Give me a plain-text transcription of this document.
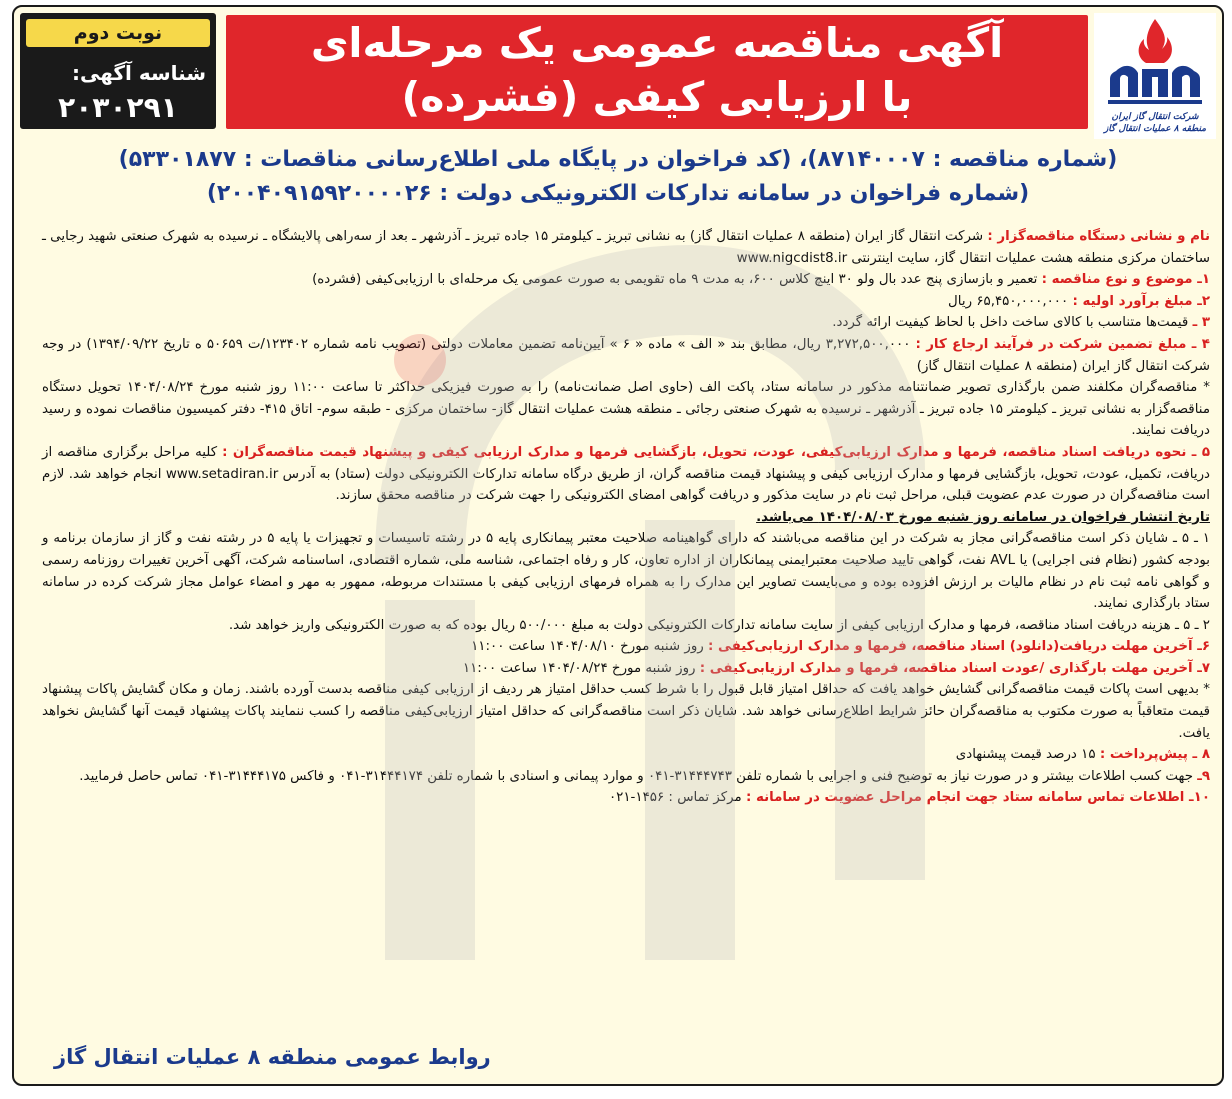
نوبت دوم
شناسه آگهی:
۲۰۳۰۲۹۱
آگهی مناقصه عمومی یک مرحله‌ای
با ارزیابی کیفی (فشرده)	شرکت انتقال گاز ایران
منطقه ۸ عملیات انتقال گاز
(شماره مناقصه : ۸۷۱۴۰۰۰۷)، (کد فراخوان در پایگاه ملی اطلاع‌رسانی مناقصات : ۵۳۳۰۱۸۷۷)
(شماره فراخوان در سامانه تدارکات الکترونیکی دولت : ۲۰۰۴۰۹۱۵۹۲۰۰۰۰۲۶)

نام و نشانی دستگاه مناقصه‌گزار : شرکت انتقال گاز ایران (منطقه ۸ عملیات انتقال گاز) به نشانی تبریز ـ کیلومتر ۱۵ جاده تبریز ـ آذرشهر ـ بعد از سه‌راهی پالایشگاه ـ نرسیده به شهرک صنعتی شهید رجایی ـ ساختمان مرکزی منطقه هشت عملیات انتقال گاز، سایت اینترنتی www.nigcdist8.ir

۱ـ موضوع و نوع مناقصه : تعمیر و بازسازی پنج عدد بال ولو ۳۰ اینچ کلاس ۶۰۰، به مدت ۹ ماه تقویمی به صورت عمومی یک مرحله‌ای با ارزیابی‌کیفی (فشرده)

۲ـ مبلغ برآورد اولیه : ۶۵,۴۵۰,۰۰۰,۰۰۰ ریال

۳ ـ قیمت‌ها متناسب با کالای ساخت داخل با لحاظ کیفیت ارائه گردد.

۴ ـ مبلغ تضمین شرکت در فرآیند ارجاع کار : ۳,۲۷۲,۵۰۰,۰۰۰ ریال، مطابق بند « الف » ماده « ۶ » آیین‌نامه تضمین معاملات دولتی (تصویب نامه شماره ۱۲۳۴۰۲/ت ۵۰۶۵۹ ه تاریخ ۱۳۹۴/۰۹/۲۲) در وجه شرکت انتقال گاز ایران (منطقه ۸ عملیات انتقال گاز)

* مناقصه‌گران مکلفند ضمن بارگذاری تصویر ضمانتنامه مذکور در سامانه ستاد، پاکت الف (حاوی اصل ضمانت‌نامه) را به صورت فیزیکی حداکثر تا ساعت ۱۱:۰۰ روز شنبه مورخ ۱۴۰۴/۰۸/۲۴ تحویل دستگاه مناقصه‌گزار به نشانی تبریز ـ کیلومتر ۱۵ جاده تبریز ـ آذرشهر ـ نرسیده به شهرک صنعتی رجائی ـ منطقه هشت عملیات انتقال گاز- ساختمان مرکزی - طبقه سوم- اتاق ۴۱۵- دفتر کمیسیون مناقصات نموده و رسید دریافت نمایند.

۵ ـ نحوه دریافت اسناد مناقصه، فرمها و مدارک ارزیابی‌کیفی، عودت، تحویل، بازگشایی فرمها و مدارک ارزیابی کیفی و پیشنهاد قیمت مناقصه‌گران : کلیه مراحل برگزاری مناقصه از دریافت، تکمیل، عودت، تحویل، بازگشایی فرمها و مدارک ارزیابی کیفی و پیشنهاد قیمت مناقصه گران، از طریق درگاه سامانه تدارکات الکترونیکی دولت (ستاد) به آدرس www.setadiran.ir انجام خواهد شد. لازم است مناقصه‌گران در صورت عدم عضویت قبلی، مراحل ثبت نام در سایت مذکور و دریافت گواهی امضای الکترونیکی را جهت شرکت در مناقصه محقق سازند.

تاریخ انتشار فراخوان در سامانه روز شنبه مورخ ۱۴۰۴/۰۸/۰۳ می‌باشد.

۱ ـ ۵ ـ شایان ذکر است مناقصه‌گرانی مجاز به شرکت در این مناقصه می‌باشند که دارای گواهینامه صلاحیت معتبر پیمانکاری پایه ۵ در رشته تاسیسات و تجهیزات یا پایه ۵ در رشته نفت و گاز از سازمان برنامه و بودجه کشور (نظام فنی اجرایی) یا AVL نفت، گواهی تایید صلاحیت معتبرایمنی پیمانکاران از اداره تعاون، کار و رفاه اجتماعی، شناسه ملی، شماره اقتصادی، اساسنامه شرکت، آگهی آخرین تغییرات روزنامه رسمی و گواهی نامه ثبت نام در نظام مالیات بر ارزش افزوده بوده و می‌بایست تصاویر این مدارک را به همراه فرمهای ارزیابی کیفی با مستندات مربوطه، ممهور به مهر و امضاء عوامل مجاز شرکت کرده در سامانه ستاد بارگذاری نمایند.

۲ ـ ۵ ـ هزینه دریافت اسناد مناقصه، فرمها و مدارک ارزیابی کیفی از سایت سامانه تدارکات الکترونیکی دولت به مبلغ ۵۰۰/۰۰۰ ریال بوده که به صورت الکترونیکی واریز خواهد شد.

۶ـ آخرین مهلت دریافت(دانلود) اسناد مناقصه، فرمها و مدارک ارزیابی‌کیفی : روز شنبه مورخ ۱۴۰۴/۰۸/۱۰ ساعت ۱۱:۰۰

۷ـ آخرین مهلت بارگذاری /عودت اسناد مناقصه، فرمها و مدارک ارزیابی‌کیفی : روز شنبه مورخ ۱۴۰۴/۰۸/۲۴ ساعت ۱۱:۰۰

* بدیهی است پاکات قیمت مناقصه‌گرانی گشایش خواهد یافت که حداقل امتیاز قابل قبول را با شرط کسب حداقل امتیاز هر ردیف از ارزیابی کیفی مناقصه بدست آورده باشند. زمان و مکان گشایش پاکات پیشنهاد قیمت متعاقباً به صورت مکتوب به مناقصه‌گران حائز شرایط اطلاع‌رسانی خواهد شد. شایان ذکر است مناقصه‌گرانی که حداقل امتیاز ارزیابی‌کیفی مناقصه را کسب ننمایند پاکات پیشنهاد قیمت آنها گشایش نخواهد یافت.

۸ ـ پیش‌پرداخت : ۱۵ درصد قیمت پیشنهادی

۹ـ جهت کسب اطلاعات بیشتر و در صورت نیاز به توضیح فنی و اجرایی با شماره تلفن ۳۱۴۴۴۷۴۳-۰۴۱ و موارد پیمانی و اسنادی با شماره تلفن ۳۱۴۴۴۱۷۴-۰۴۱ و فاکس ۳۱۴۴۴۱۷۵-۰۴۱ تماس حاصل فرمایید.

۱۰ـ اطلاعات تماس سامانه ستاد جهت انجام مراحل عضویت در سامانه : مرکز تماس : ۱۴۵۶-۰۲۱

روابط عمومی منطقه ۸ عملیات انتقال گاز
